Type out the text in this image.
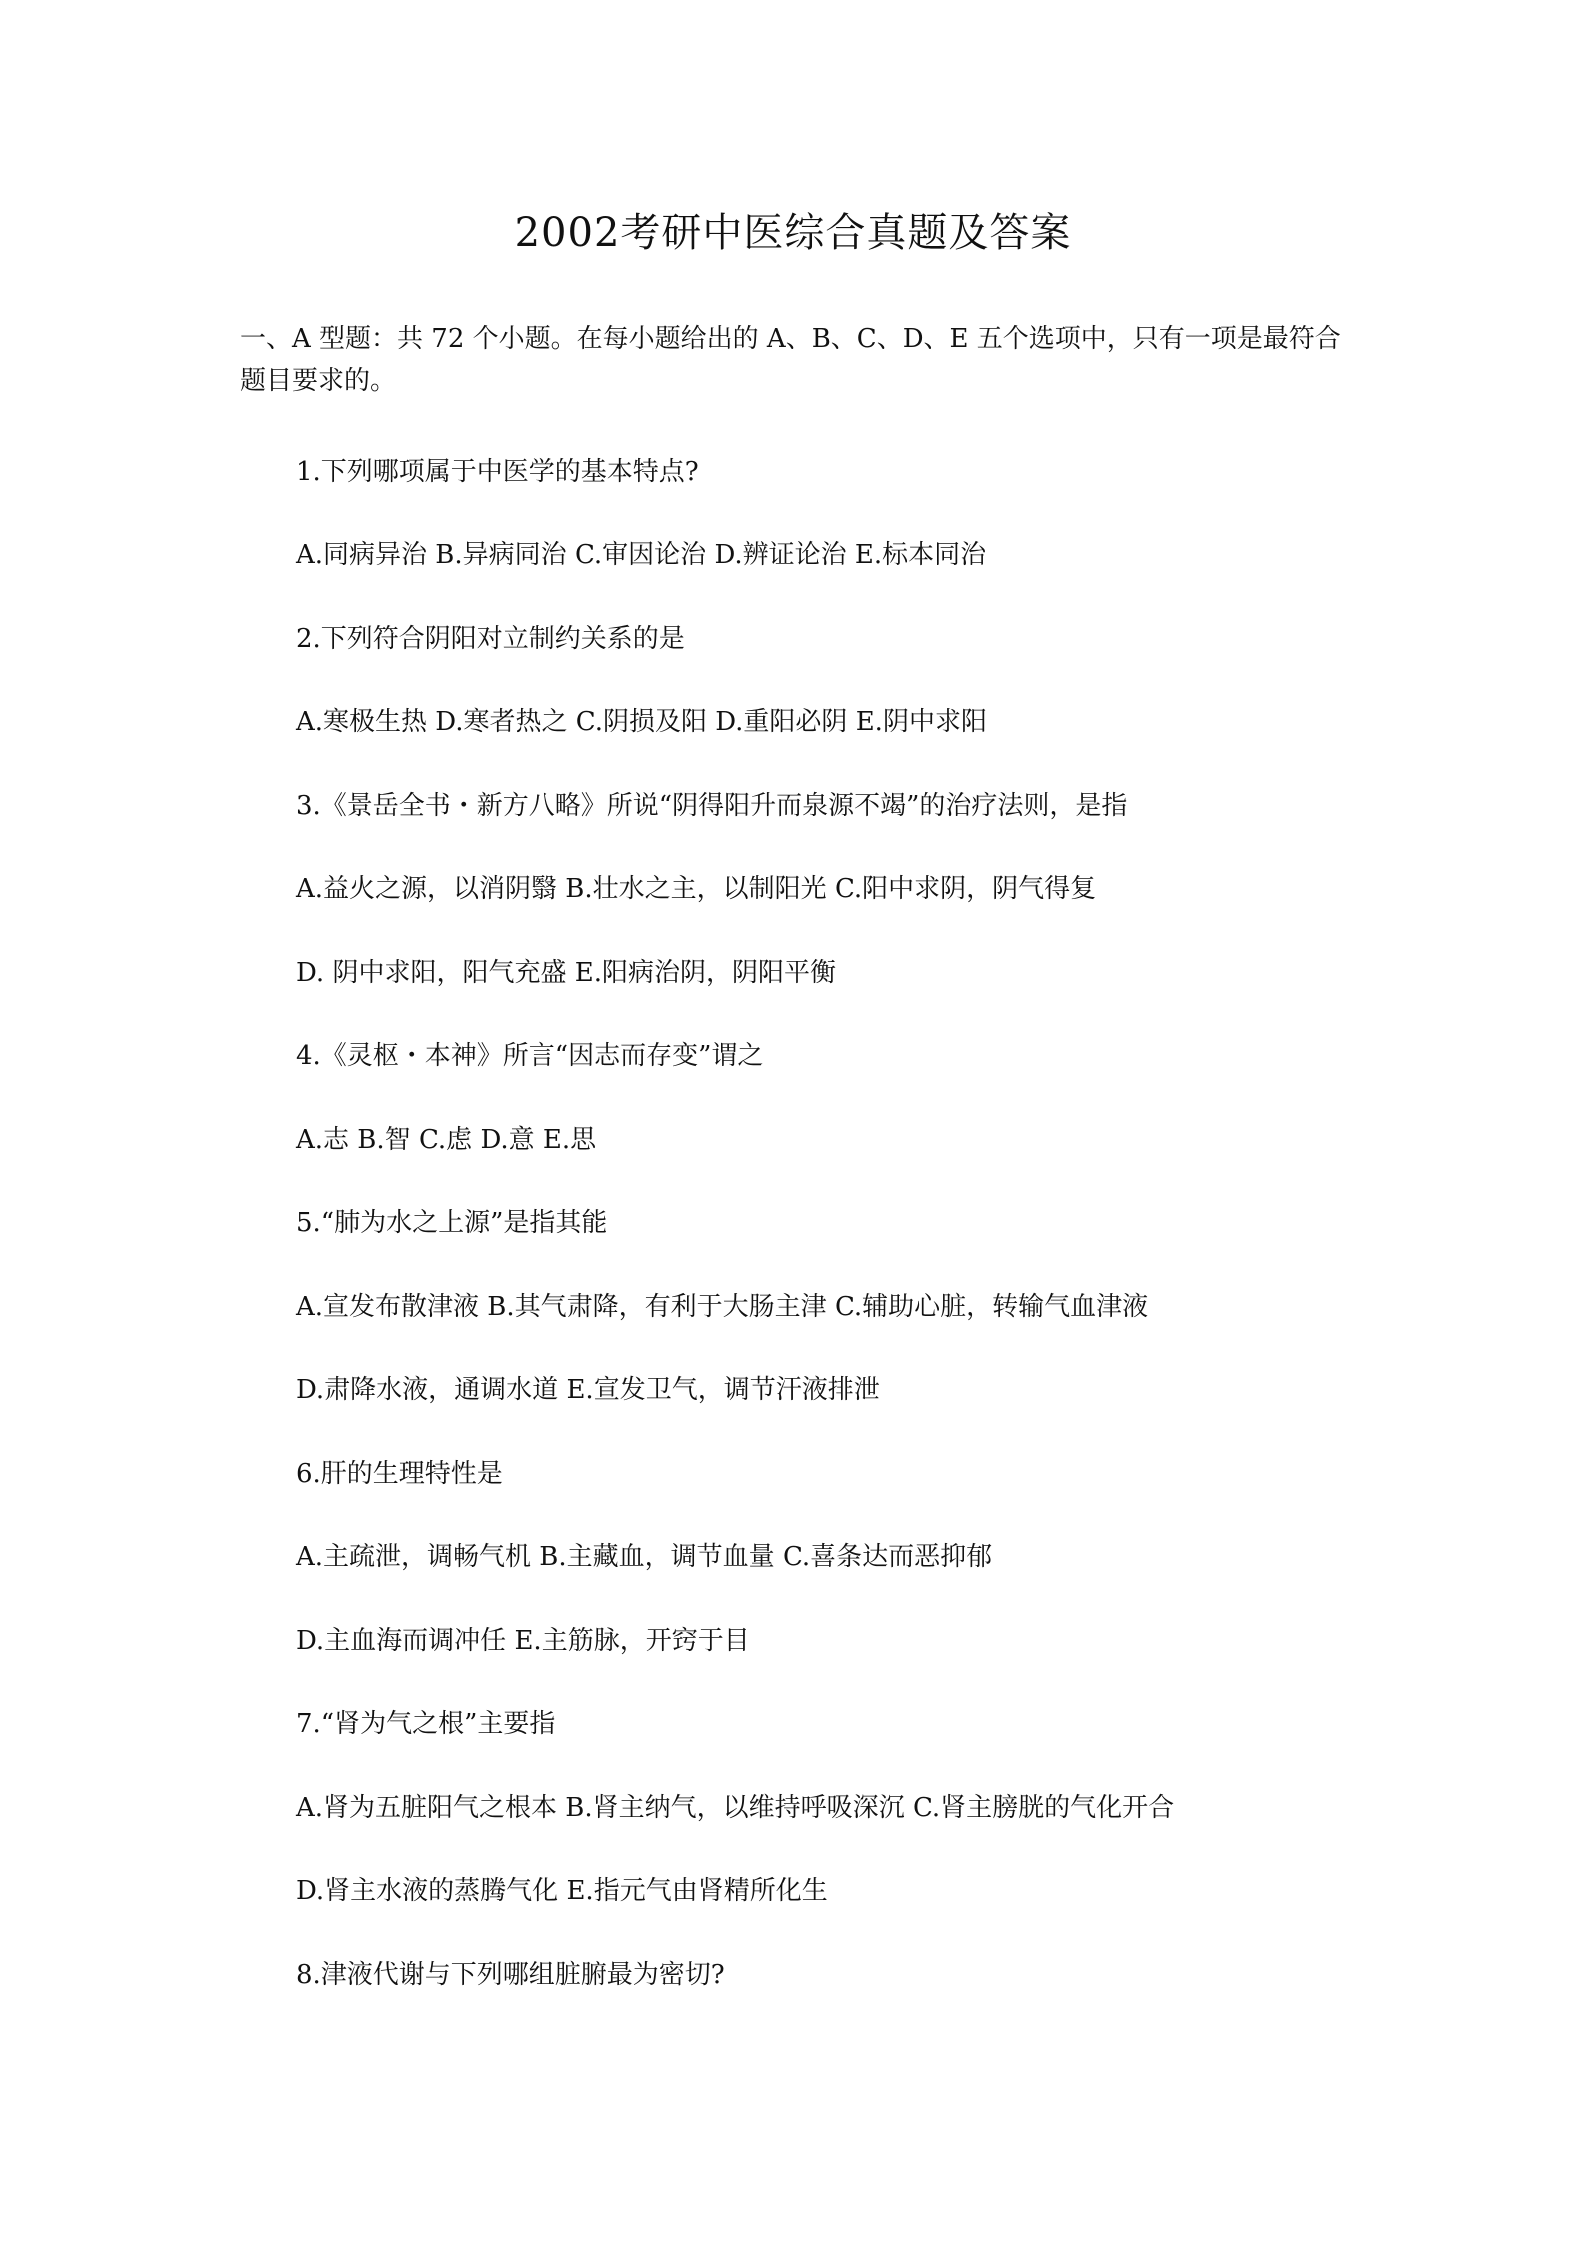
2002考研中医综合真题及答案

一、A 型题：共 72 个小题。在每小题给出的 A、B、C、D、E 五个选项中，只有一项是最符合题目要求的。

1.下列哪项属于中医学的基本特点?

A.同病异治 B.异病同治 C.审因论治 D.辨证论治 E.标本同治

2.下列符合阴阳对立制约关系的是

A.寒极生热 D.寒者热之 C.阴损及阳 D.重阳必阴 E.阴中求阳

3.《景岳全书・新方八略》所说“阴得阳升而泉源不竭”的治疗法则，是指

A.益火之源，以消阴翳 B.壮水之主，以制阳光 C.阳中求阴，阴气得复

D. 阴中求阳，阳气充盛 E.阳病治阴，阴阳平衡

4.《灵枢・本神》所言“因志而存变”谓之

A.志 B.智 C.虑 D.意 E.思

5.“肺为水之上源”是指其能

A.宣发布散津液 B.其气肃降，有利于大肠主津 C.辅助心脏，转输气血津液

D.肃降水液，通调水道 E.宣发卫气，调节汗液排泄

6.肝的生理特性是

A.主疏泄，调畅气机 B.主藏血，调节血量 C.喜条达而恶抑郁

D.主血海而调冲任 E.主筋脉，开窍于目

7.“肾为气之根”主要指

A.肾为五脏阳气之根本 B.肾主纳气，以维持呼吸深沉 C.肾主膀胱的气化开合

D.肾主水液的蒸腾气化 E.指元气由肾精所化生

8.津液代谢与下列哪组脏腑最为密切?
